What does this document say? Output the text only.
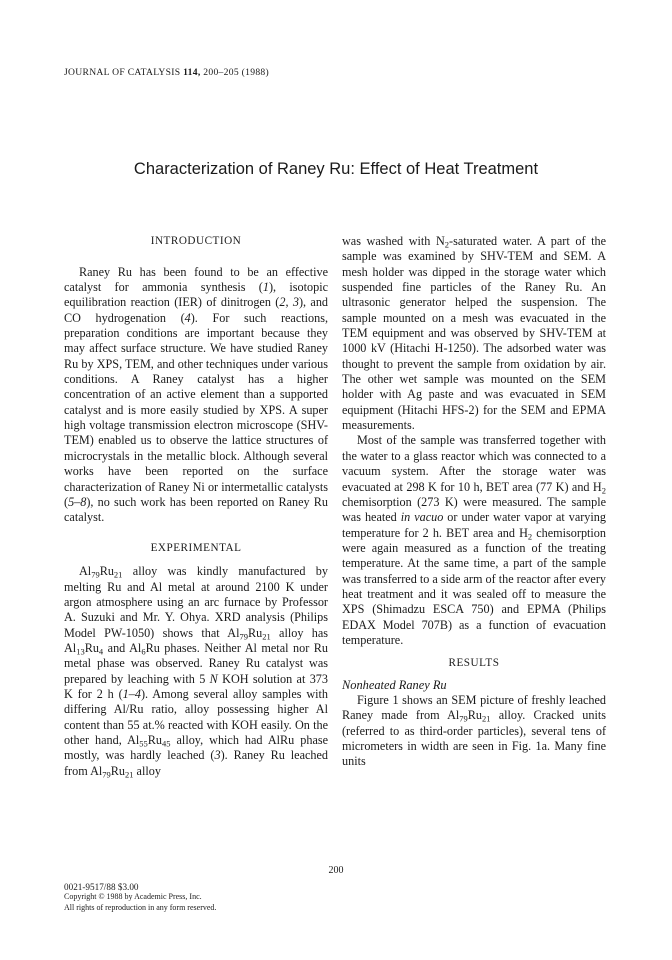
JOURNAL OF CATALYSIS 114, 200–205 (1988)
Characterization of Raney Ru: Effect of Heat Treatment
INTRODUCTION

Raney Ru has been found to be an effective catalyst for ammonia synthesis (1), isotopic equilibration reaction (IER) of dinitrogen (2, 3), and CO hydrogenation (4). For such reactions, preparation conditions are important because they may affect surface structure. We have studied Raney Ru by XPS, TEM, and other techniques under various conditions. A Raney catalyst has a higher concentration of an active element than a supported catalyst and is more easily studied by XPS. A super high voltage transmission electron microscope (SHV-TEM) enabled us to observe the lattice structures of microcrystals in the metallic block. Although several works have been reported on the surface characterization of Raney Ni or intermetallic catalysts (5–8), no such work has been reported on Raney Ru catalyst.

EXPERIMENTAL

$Al_{79}Ru_{21}$ alloy was kindly manufactured by melting Ru and Al metal at around 2100 K under argon atmosphere using an arc furnace by Professor A. Suzuki and Mr. Y. Ohya. XRD analysis (Philips Model PW-1050) shows that $Al_{79}Ru_{21}$ alloy has $Al_{13}Ru_4$ and $Al_6Ru$ phases. Neither Al metal nor Ru metal phase was observed. Raney Ru catalyst was prepared by leaching with 5 N KOH solution at 373 K for 2 h (1–4). Among several alloy samples with differing Al/Ru ratio, alloy possessing higher Al content than 55 at.% reacted with KOH easily. On the other hand, $Al_{55}Ru_{45}$ alloy, which had AlRu phase mostly, was hardly leached (3). Raney Ru leached from $Al_{79}Ru_{21}$ alloy

was washed with $N_2$-saturated water. A part of the sample was examined by SHV-TEM and SEM. A mesh holder was dipped in the storage water which suspended fine particles of the Raney Ru. An ultrasonic generator helped the suspension. The sample mounted on a mesh was evacuated in the TEM equipment and was observed by SHV-TEM at 1000 kV (Hitachi H-1250). The adsorbed water was thought to prevent the sample from oxidation by air. The other wet sample was mounted on the SEM holder with Ag paste and was evacuated in SEM equipment (Hitachi HFS-2) for the SEM and EPMA measurements.

Most of the sample was transferred together with the water to a glass reactor which was connected to a vacuum system. After the storage water was evacuated at 298 K for 10 h, BET area (77 K) and $H_2$ chemisorption (273 K) were measured. The sample was heated in vacuo or under water vapor at varying temperature for 2 h. BET area and $H_2$ chemisorption were again measured as a function of the treating temperature. At the same time, a part of the sample was transferred to a side arm of the reactor after every heat treatment and it was sealed off to measure the XPS (Shimadzu ESCA 750) and EPMA (Philips EDAX Model 707B) as a function of evacuation temperature.

RESULTS

Nonheated Raney Ru

Figure 1 shows an SEM picture of freshly leached Raney made from $Al_{79}Ru_{21}$ alloy. Cracked units (referred to as third-order particles), several tens of micrometers in width are seen in Fig. 1a. Many fine units

200
0021-9517/88 $3.00
Copyright © 1988 by Academic Press, Inc.
All rights of reproduction in any form reserved.
